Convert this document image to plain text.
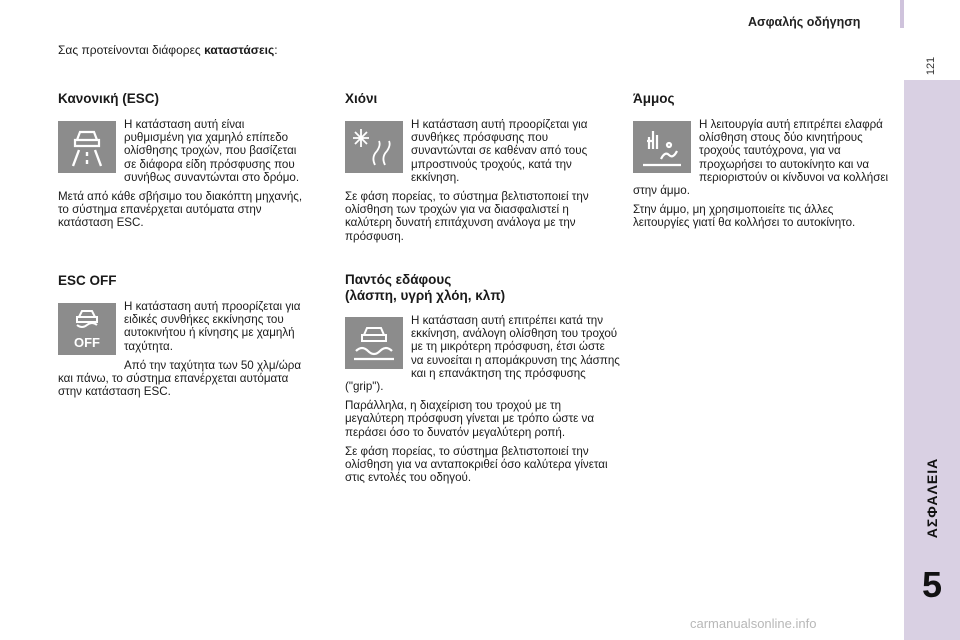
Ασφαλής οδήγηση
121
ΑΣΦΑΛΕΙΑ
5
Σας προτείνονται διάφορες καταστάσεις:
Κανονική (ESC)

Η κατάσταση αυτή είναι ρυθμισμένη για χαμηλό επίπεδο ολίσθησης τροχών, που βασίζεται σε διάφορα είδη πρόσφυσης που συνήθως συναντώνται στο δρόμο.

Μετά από κάθε σβήσιμο του διακόπτη μηχανής, το σύστημα επανέρχεται αυτόματα στην κατάσταση ESC.

ESC OFF
OFF

Η κατάσταση αυτή προορίζεται για ειδικές συνθήκες εκκίνησης του αυτοκινήτου ή κίνησης με χαμηλή ταχύτητα.

Από την ταχύτητα των 50 χλμ/ώρα και πάνω, το σύστημα επανέρχεται αυτόματα στην κατάσταση ESC.

Χιόνι

Η κατάσταση αυτή προορίζεται για συνθήκες πρόσφυσης που συναντώνται σε καθέναν από τους μπροστινούς τροχούς, κατά την εκκίνηση.

Σε φάση πορείας, το σύστημα βελτιστοποιεί την ολίσθηση των τροχών για να διασφαλιστεί η καλύτερη δυνατή επιτάχυνση ανάλογα με την πρόσφυση.

Παντός εδάφους
(λάσπη, υγρή χλόη, κλπ)

Η κατάσταση αυτή επιτρέπει κατά την εκκίνηση, ανάλογη ολίσθηση του τροχού με τη μικρότερη πρόσφυση, έτσι ώστε να ευνοείται η απομάκρυνση της λάσπης και η επανάκτηση της πρόσφυσης ("grip").

Παράλληλα, η διαχείριση του τροχού με τη μεγαλύτερη πρόσφυση γίνεται με τρόπο ώστε να περάσει όσο το δυνατόν μεγαλύτερη ροπή.

Σε φάση πορείας, το σύστημα βελτιστοποιεί την ολίσθηση για να ανταποκριθεί όσο καλύτερα γίνεται στις εντολές του οδηγού.

Άμμος

Η λειτουργία αυτή επιτρέπει ελαφρά ολίσθηση στους δύο κινητήρους τροχούς ταυτόχρονα, για να προχωρήσει το αυτοκίνητο και να περιοριστούν οι κίνδυνοι να κολλήσει στην άμμο.

Στην άμμο, μη χρησιμοποιείτε τις άλλες λειτουργίες γιατί θα κολλήσει το αυτοκίνητο.

carmanualsonline.info
